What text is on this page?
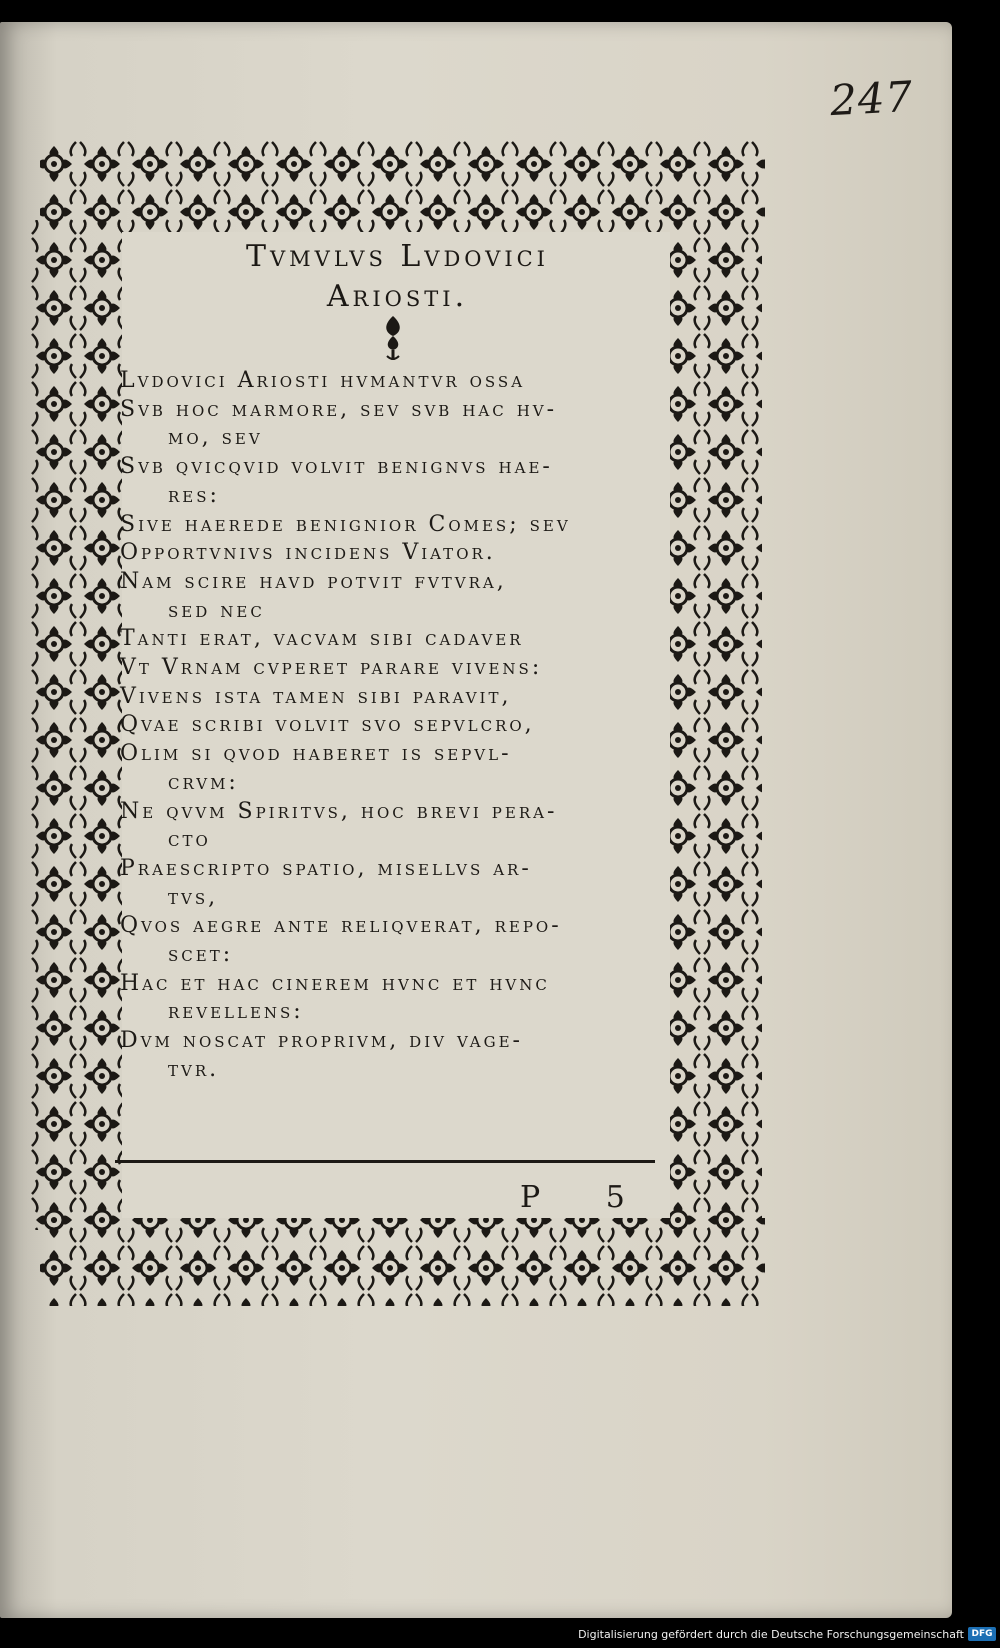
247
Tvmvlvs Lvdovici
Ariosti.
Lvdovici Ariosti hvmantvr ossa
Svb hoc marmore, sev svb hac hv-
mo, sev
Svb qvicqvid volvit benignvs hae-
res:
Sive haerede benignior Comes; sev
Opportvnivs incidens Viator.
Nam scire havd potvit fvtvra,
sed nec
Tanti erat, vacvam sibi cadaver
Vt Vrnam cvperet parare vivens:
Vivens ista tamen sibi paravit,
Qvae scribi volvit svo sepvlcro,
Olim si qvod haberet is sepvl-
crvm:
Ne qvvm Spiritvs, hoc brevi pera-
cto
Praescripto spatio, misellvs ar-
tvs,
Qvos aegre ante reliqverat, repo-
scet:
Hac et hac cinerem hvnc et hvnc
revellens:
Dvm noscat proprivm, div vage-
tvr.
P 5
Digitalisierung gefördert durch die Deutsche Forschungsgemeinschaft DFG
